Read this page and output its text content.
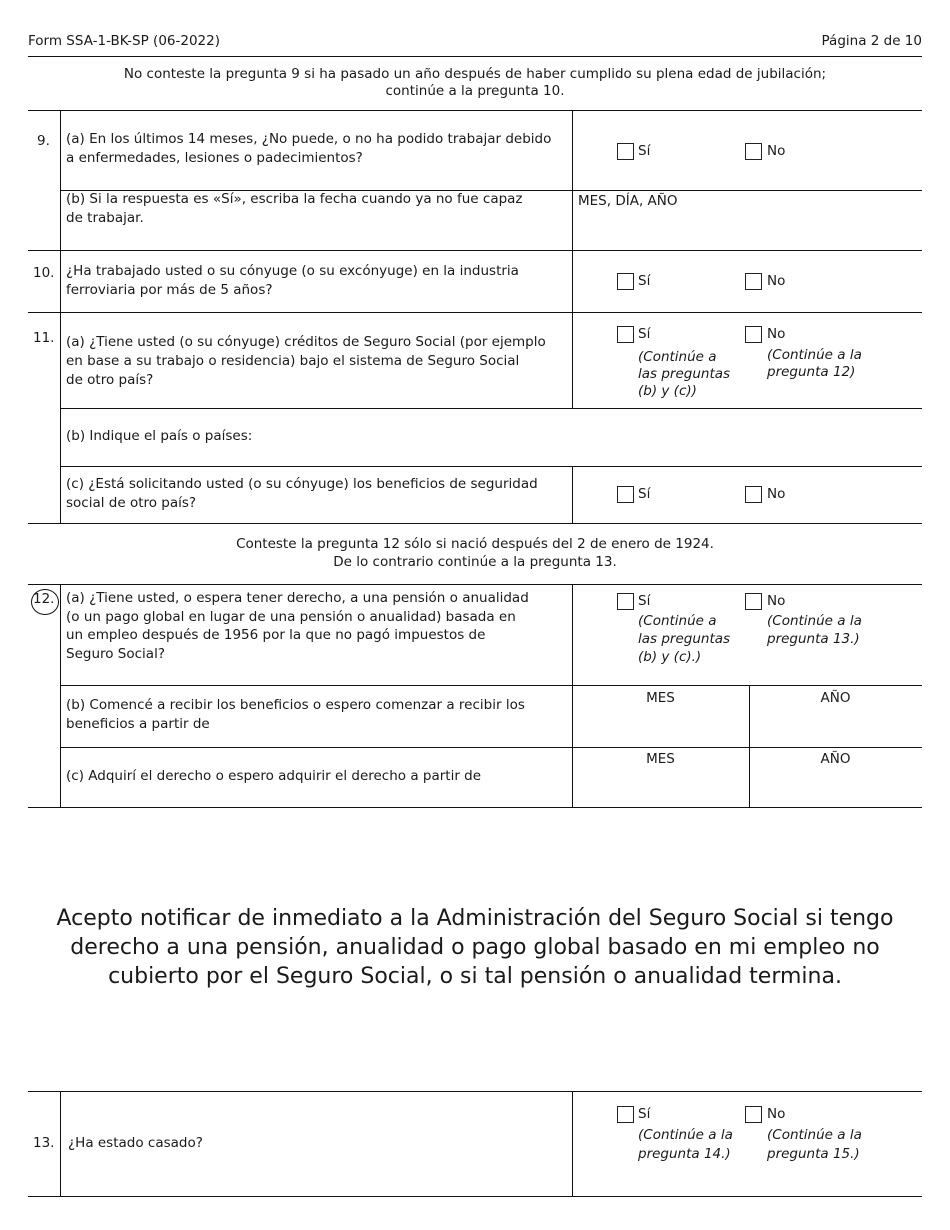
Form SSA-1-BK-SP (06-2022)	Página 2 de 10
No conteste la pregunta 9 si ha pasado un año después de haber cumplido su plena edad de jubilación;
continúe a la pregunta 10.
9. (a) En los últimos 14 meses, ¿No puede, o no ha podido trabajar debido
a enfermedades, lesiones o padecimientos?	Sí	No
(b) Si la respuesta es «Sí», escriba la fecha cuando ya no fue capaz
de trabajar.
MES, DÍA, AÑO
10. ¿Ha trabajado usted o su cónyuge (o su excónyuge) en la industria
ferroviaria por más de 5 años?
Sí	No
11. (a) ¿Tiene usted (o su cónyuge) créditos de Seguro Social (por ejemplo
en base a su trabajo o residencia) bajo el sistema de Seguro Social
de otro país?
Sí
(Continúe a
las preguntas
(b) y (c))
No
(Continúe a la
pregunta 12)
(b) Indique el país o países:
(c) ¿Está solicitando usted (o su cónyuge) los beneficios de seguridad
social de otro país?
Sí	No
Conteste la pregunta 12 sólo si nació después del 2 de enero de 1924.
De lo contrario continúe a la pregunta 13.
12. (a) ¿Tiene usted, o espera tener derecho, a una pensión o anualidad
(o un pago global en lugar de una pensión o anualidad) basada en
un empleo después de 1956 por la que no pagó impuestos de
Seguro Social?
Sí
(Continúe a
las preguntas
(b) y (c).)
No
(Continúe a la
pregunta 13.)
(b) Comencé a recibir los beneficios o espero comenzar a recibir los
beneficios a partir de
MES	AÑO
(c) Adquirí el derecho o espero adquirir el derecho a partir de
MES	AÑO
Acepto notificar de inmediato a la Administración del Seguro Social si tengo
derecho a una pensión, anualidad o pago global basado en mi empleo no
cubierto por el Seguro Social, o si tal pensión o anualidad termina.
13. ¿Ha estado casado?
Sí
(Continúe a la
pregunta 14.)
No
(Continúe a la
pregunta 15.)
